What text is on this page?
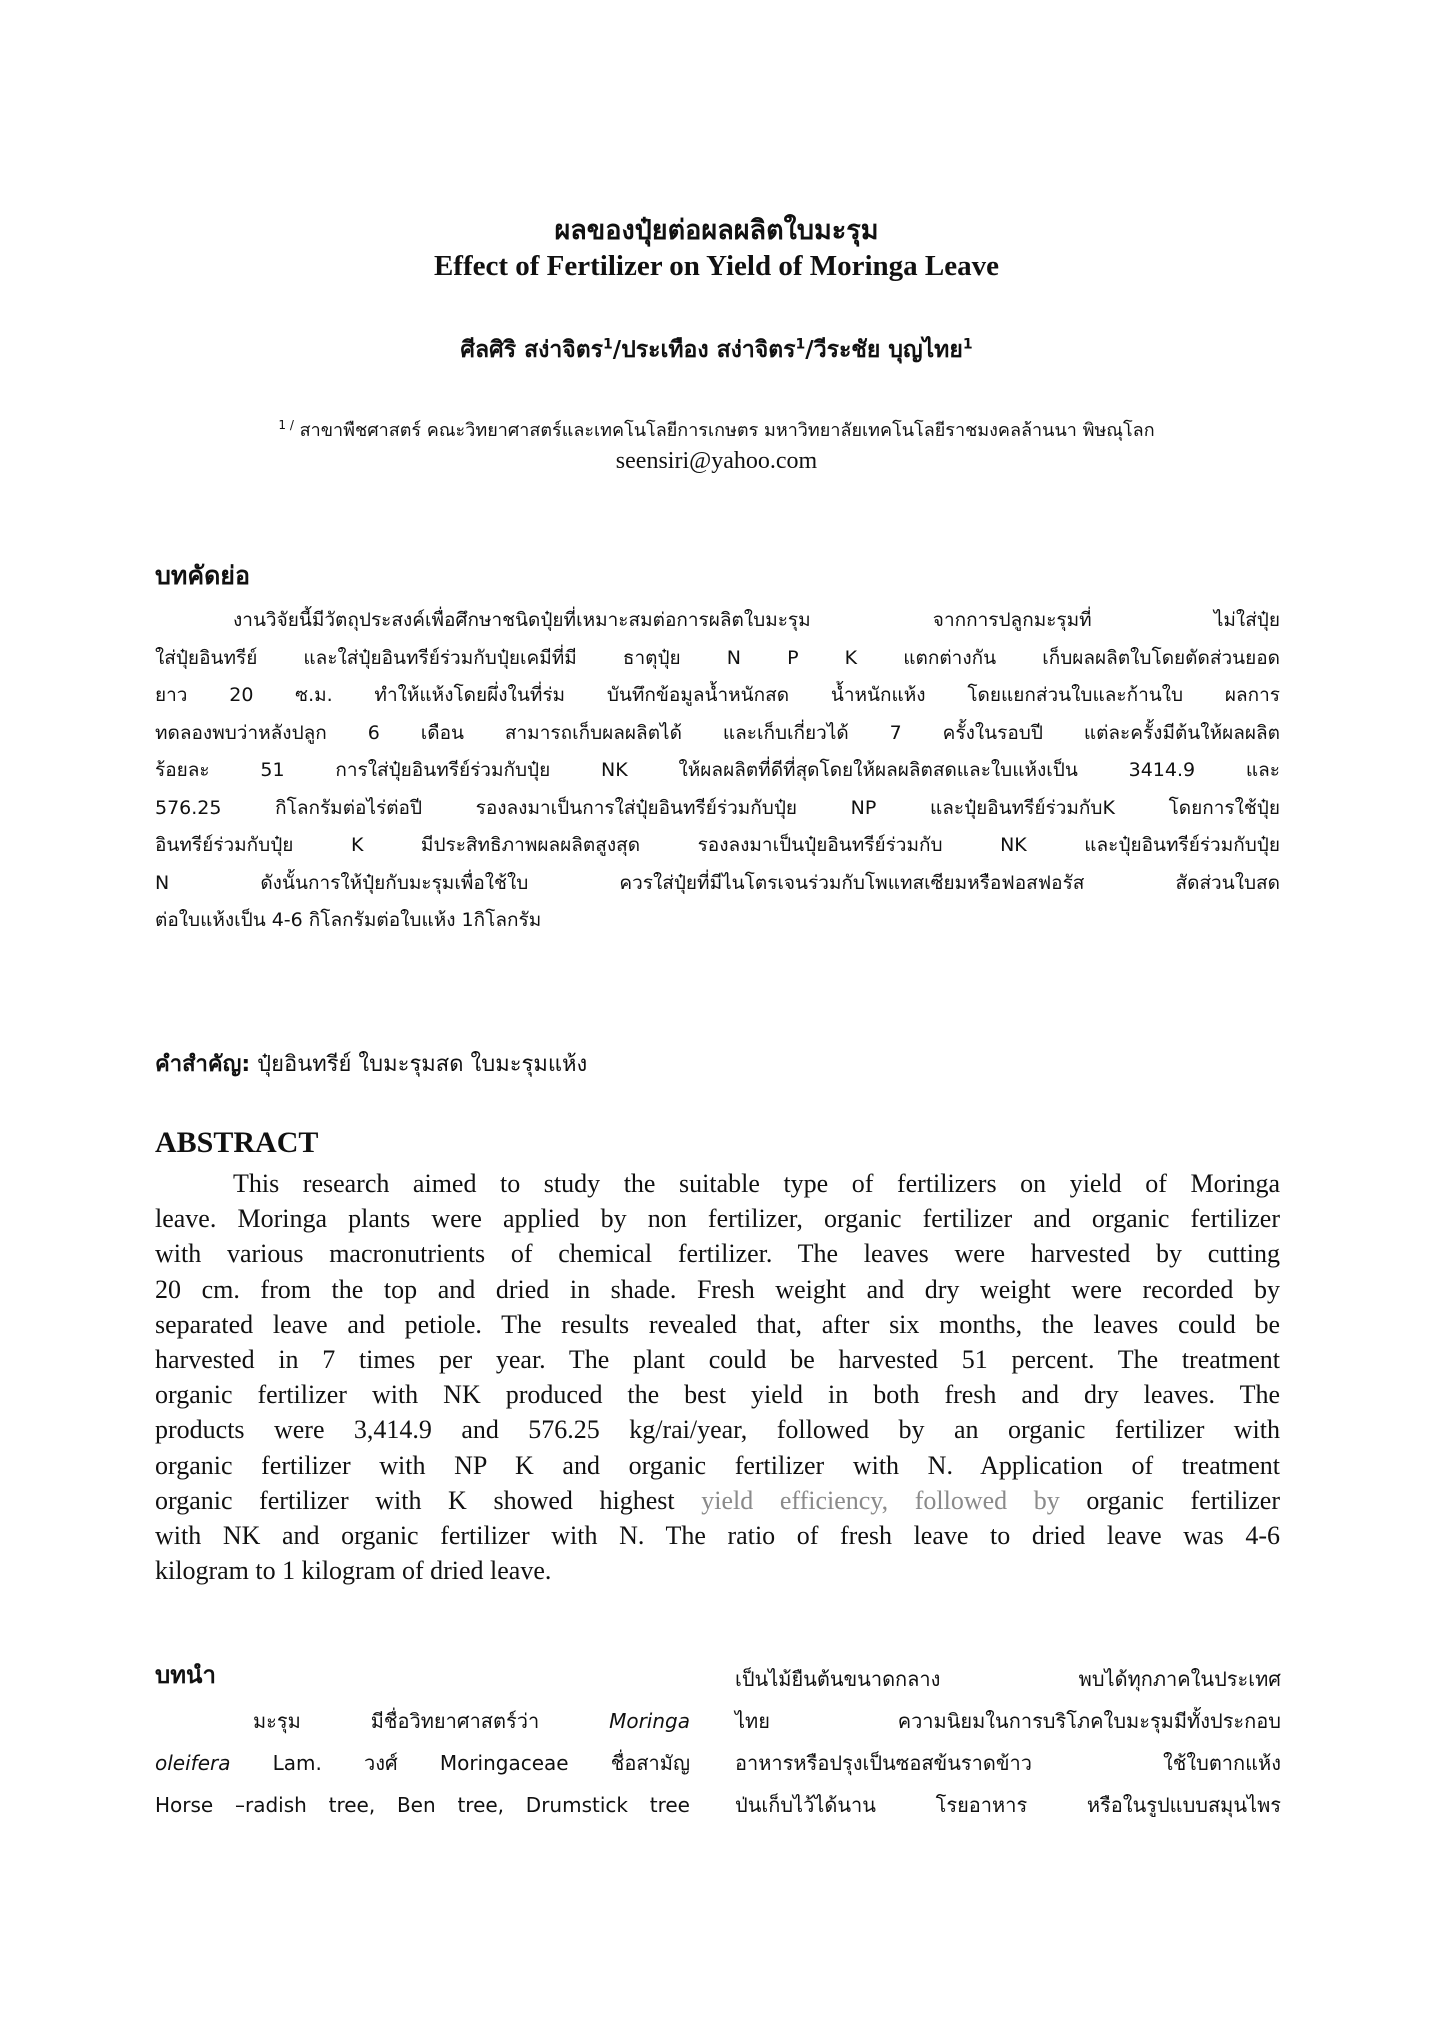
ผลของปุ๋ยต่อผลผลิตใบมะรุม
Effect of Fertilizer on Yield of Moringa Leave
ศีลศิริ สง่าจิตร$^1$/ประเทือง สง่าจิตร$^1$/วีระชัย บุญไทย$^1$
$^{1 /}$ สาขาพืชศาสตร์ คณะวิทยาศาสตร์และเทคโนโลยีการเกษตร มหาวิทยาลัยเทคโนโลยีราชมงคลล้านนา พิษณุโลก
seensiri@yahoo.com
บทคัดย่อ
งานวิจัยนี้มีวัตถุประสงค์เพื่อศึกษาชนิดปุ๋ยที่เหมาะสมต่อการผลิตใบมะรุม จากการปลูกมะรุมที่ ไม่ใส่ปุ๋ย
ใส่ปุ๋ยอินทรีย์ และใส่ปุ๋ยอินทรีย์ร่วมกับปุ๋ยเคมีที่มี ธาตุปุ๋ย N P K แตกต่างกัน เก็บผลผลิตใบโดยตัดส่วนยอด
ยาว 20 ซ.ม. ทำให้แห้งโดยผึ่งในที่ร่ม บันทึกข้อมูลน้ำหนักสด น้ำหนักแห้ง โดยแยกส่วนใบและก้านใบ ผลการ
ทดลองพบว่าหลังปลูก 6 เดือน สามารถเก็บผลผลิตได้ และเก็บเกี่ยวได้ 7 ครั้งในรอบปี แต่ละครั้งมีต้นให้ผลผลิต
ร้อยละ 51 การใส่ปุ๋ยอินทรีย์ร่วมกับปุ๋ย NK ให้ผลผลิตที่ดีที่สุดโดยให้ผลผลิตสดและใบแห้งเป็น 3414.9 และ
576.25 กิโลกรัมต่อไร่ต่อปี รองลงมาเป็นการใส่ปุ๋ยอินทรีย์ร่วมกับปุ๋ย NP และปุ๋ยอินทรีย์ร่วมกับK โดยการใช้ปุ๋ย
อินทรีย์ร่วมกับปุ๋ย K มีประสิทธิภาพผลผลิตสูงสุด รองลงมาเป็นปุ๋ยอินทรีย์ร่วมกับ NK และปุ๋ยอินทรีย์ร่วมกับปุ๋ย
N ดังนั้นการให้ปุ๋ยกับมะรุมเพื่อใช้ใบ ควรใส่ปุ๋ยที่มีไนโตรเจนร่วมกับโพแทสเซียมหรือฟอสฟอรัส สัดส่วนใบสด
ต่อใบแห้งเป็น 4-6 กิโลกรัมต่อใบแห้ง 1กิโลกรัม
คำสำคัญ: ปุ๋ยอินทรีย์ ใบมะรุมสด ใบมะรุมแห้ง
ABSTRACT
This research aimed to study the suitable type of fertilizers on yield of Moringa
leave. Moringa plants were applied by non fertilizer, organic fertilizer and organic fertilizer
with various macronutrients of chemical fertilizer. The leaves were harvested by cutting
20 cm. from the top and dried in shade. Fresh weight and dry weight were recorded by
separated leave and petiole. The results revealed that, after six months, the leaves could be
harvested in 7 times per year. The plant could be harvested 51 percent. The treatment
organic fertilizer with NK produced the best yield in both fresh and dry leaves. The
products were 3,414.9 and 576.25 kg/rai/year, followed by an organic fertilizer with
organic fertilizer with NP K and organic fertilizer with N. Application of treatment
organic fertilizer with K showed highest yield efficiency, followed by organic fertilizer
with NK and organic fertilizer with N. The ratio of fresh leave to dried leave was 4-6
kilogram to 1 kilogram of dried leave.
บทนำ
มะรุม มีชื่อวิทยาศาสตร์ว่า Moringa
oleifera Lam. วงศ์ Moringaceae ชื่อสามัญ
Horse –radish tree, Ben tree, Drumstick tree
เป็นไม้ยืนต้นขนาดกลาง พบได้ทุกภาคในประเทศ
ไทย ความนิยมในการบริโภคใบมะรุมมีทั้งประกอบ
อาหารหรือปรุงเป็นซอสข้นราดข้าว ใช้ใบตากแห้ง
ป่นเก็บไว้ได้นาน โรยอาหาร หรือในรูปแบบสมุนไพร
